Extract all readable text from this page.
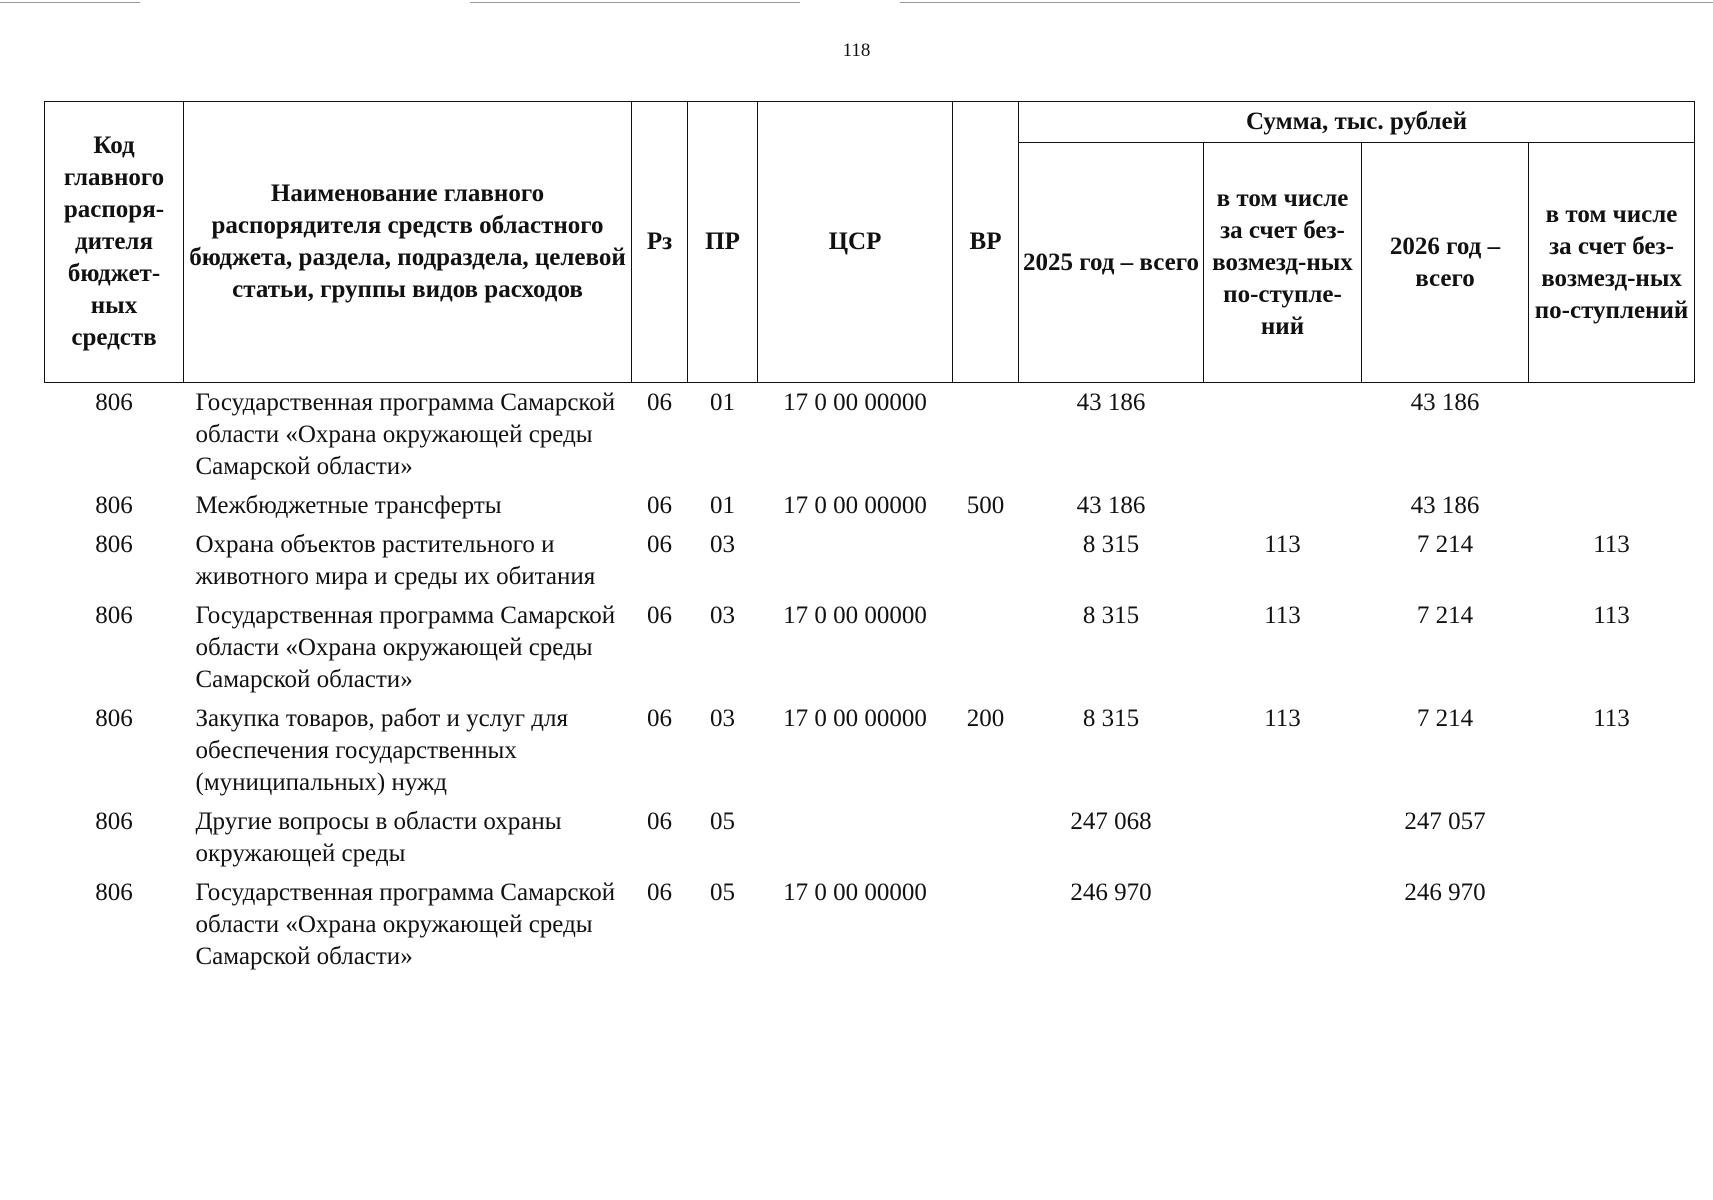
118
Код главного распоря-дителя бюджет-ных средств	Наименование главного распорядителя средств областного бюджета, раздела, подраздела, целевой статьи, группы видов расходов	Рз	ПР	ЦСР	ВР	Сумма, тыс. рублей			
						2025 год – всего	в том числе за счет без-возмезд-ных по-ступле-ний	2026 год – всего	в том числе за счет без-возмезд-ных по-ступлений
806	Государственная программа Самарской области «Охрана окружающей среды Самарской области»	06	01	17 0 00 00000		43 186		43 186	
806	Межбюджетные трансферты	06	01	17 0 00 00000	500	43 186		43 186	
806	Охрана объектов растительного и животного мира и среды их обитания	06	03			8 315	113	7 214	113
806	Государственная программа Самарской области «Охрана окружающей среды Самарской области»	06	03	17 0 00 00000		8 315	113	7 214	113
806	Закупка товаров, работ и услуг для обеспечения государственных (муниципальных) нужд	06	03	17 0 00 00000	200	8 315	113	7 214	113
806	Другие вопросы в области охраны окружающей среды	06	05			247 068		247 057	
806	Государственная программа Самарской области «Охрана окружающей среды Самарской области»	06	05	17 0 00 00000		246 970		246 970	
